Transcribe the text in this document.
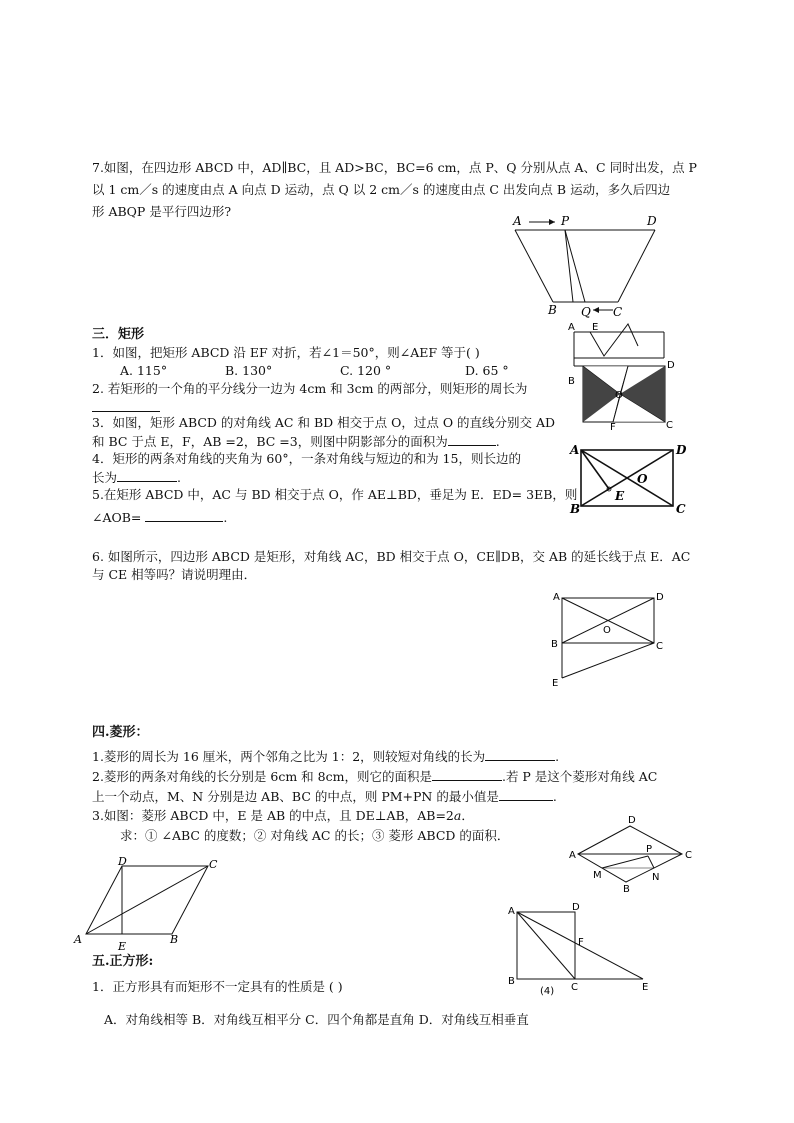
7.如图，在四边形 ABCD 中，AD∥BC，且 AD>BC，BC=6 cm，点 P、Q 分别从点 A、C 同时出发，点 P
以 1 cm／s 的速度由点 A 向点 D 运动，点 Q 以 2 cm／s 的速度由点 C 出发向点 B 运动，多久后四边
形 ABQP 是平行四边形?
A	P	D
B Q C
三．矩形
1．如图，把矩形 ABCD 沿 EF 对折，若∠1＝50°，则∠AEF 等于( )
A. 115°	B. 130°	C. 120 °	D. 65 °
2. 若矩形的一个角的平分线分一边为 4cm 和 3cm 的两部分，则矩形的周长为
3．如图，矩形 ABCD 的对角线 AC 和 BD 相交于点 O，过点 O 的直线分别交 AD
和 BC 于点 E，F，AB =2，BC =3，则图中阴影部分的面积为	.
4．矩形的两条对角线的夹角为 60°，一条对角线与短边的和为 15，则长边的
长为	.
5.在矩形 ABCD 中，AC 与 BD 相交于点 O，作 AE⊥BD，垂足为 E．ED= 3EB，则
∠AOB=	.
A E
B
D
O
F	C
A	D
O
E
B	C
6. 如图所示，四边形 ABCD 是矩形，对角线 AC，BD 相交于点 O，CE∥DB，交 AB 的延长线于点 E．AC
与 CE 相等吗？请说明理由．
A	D
O
B	C
E
四.菱形：
1.菱形的周长为 16 厘米，两个邻角之比为 1：2，则较短对角线的长为	.
2.菱形的两条对角线的长分别是 6cm 和 8cm，则它的面积是	.若 P 是这个菱形对角线 AC
上一个动点，M、N 分别是边 AB、BC 的中点，则 PM+PN 的最小值是	.
3.如图：菱形 ABCD 中，E 是 AB 的中点，且 DE⊥AB，AB=2a．
求：① ∠ABC 的度数；② 对角线 AC 的长；③ 菱形 ABCD 的面积．
D
A
P
C
M	N
B
D	C
A
E
B
五.正方形:
1．正方形具有而矩形不一定具有的性质是 ( )
A．对角线相等 B．对角线互相平分 C．四个角都是直角 D．对角线互相垂直
A	D
F
B
C	E
(4)
